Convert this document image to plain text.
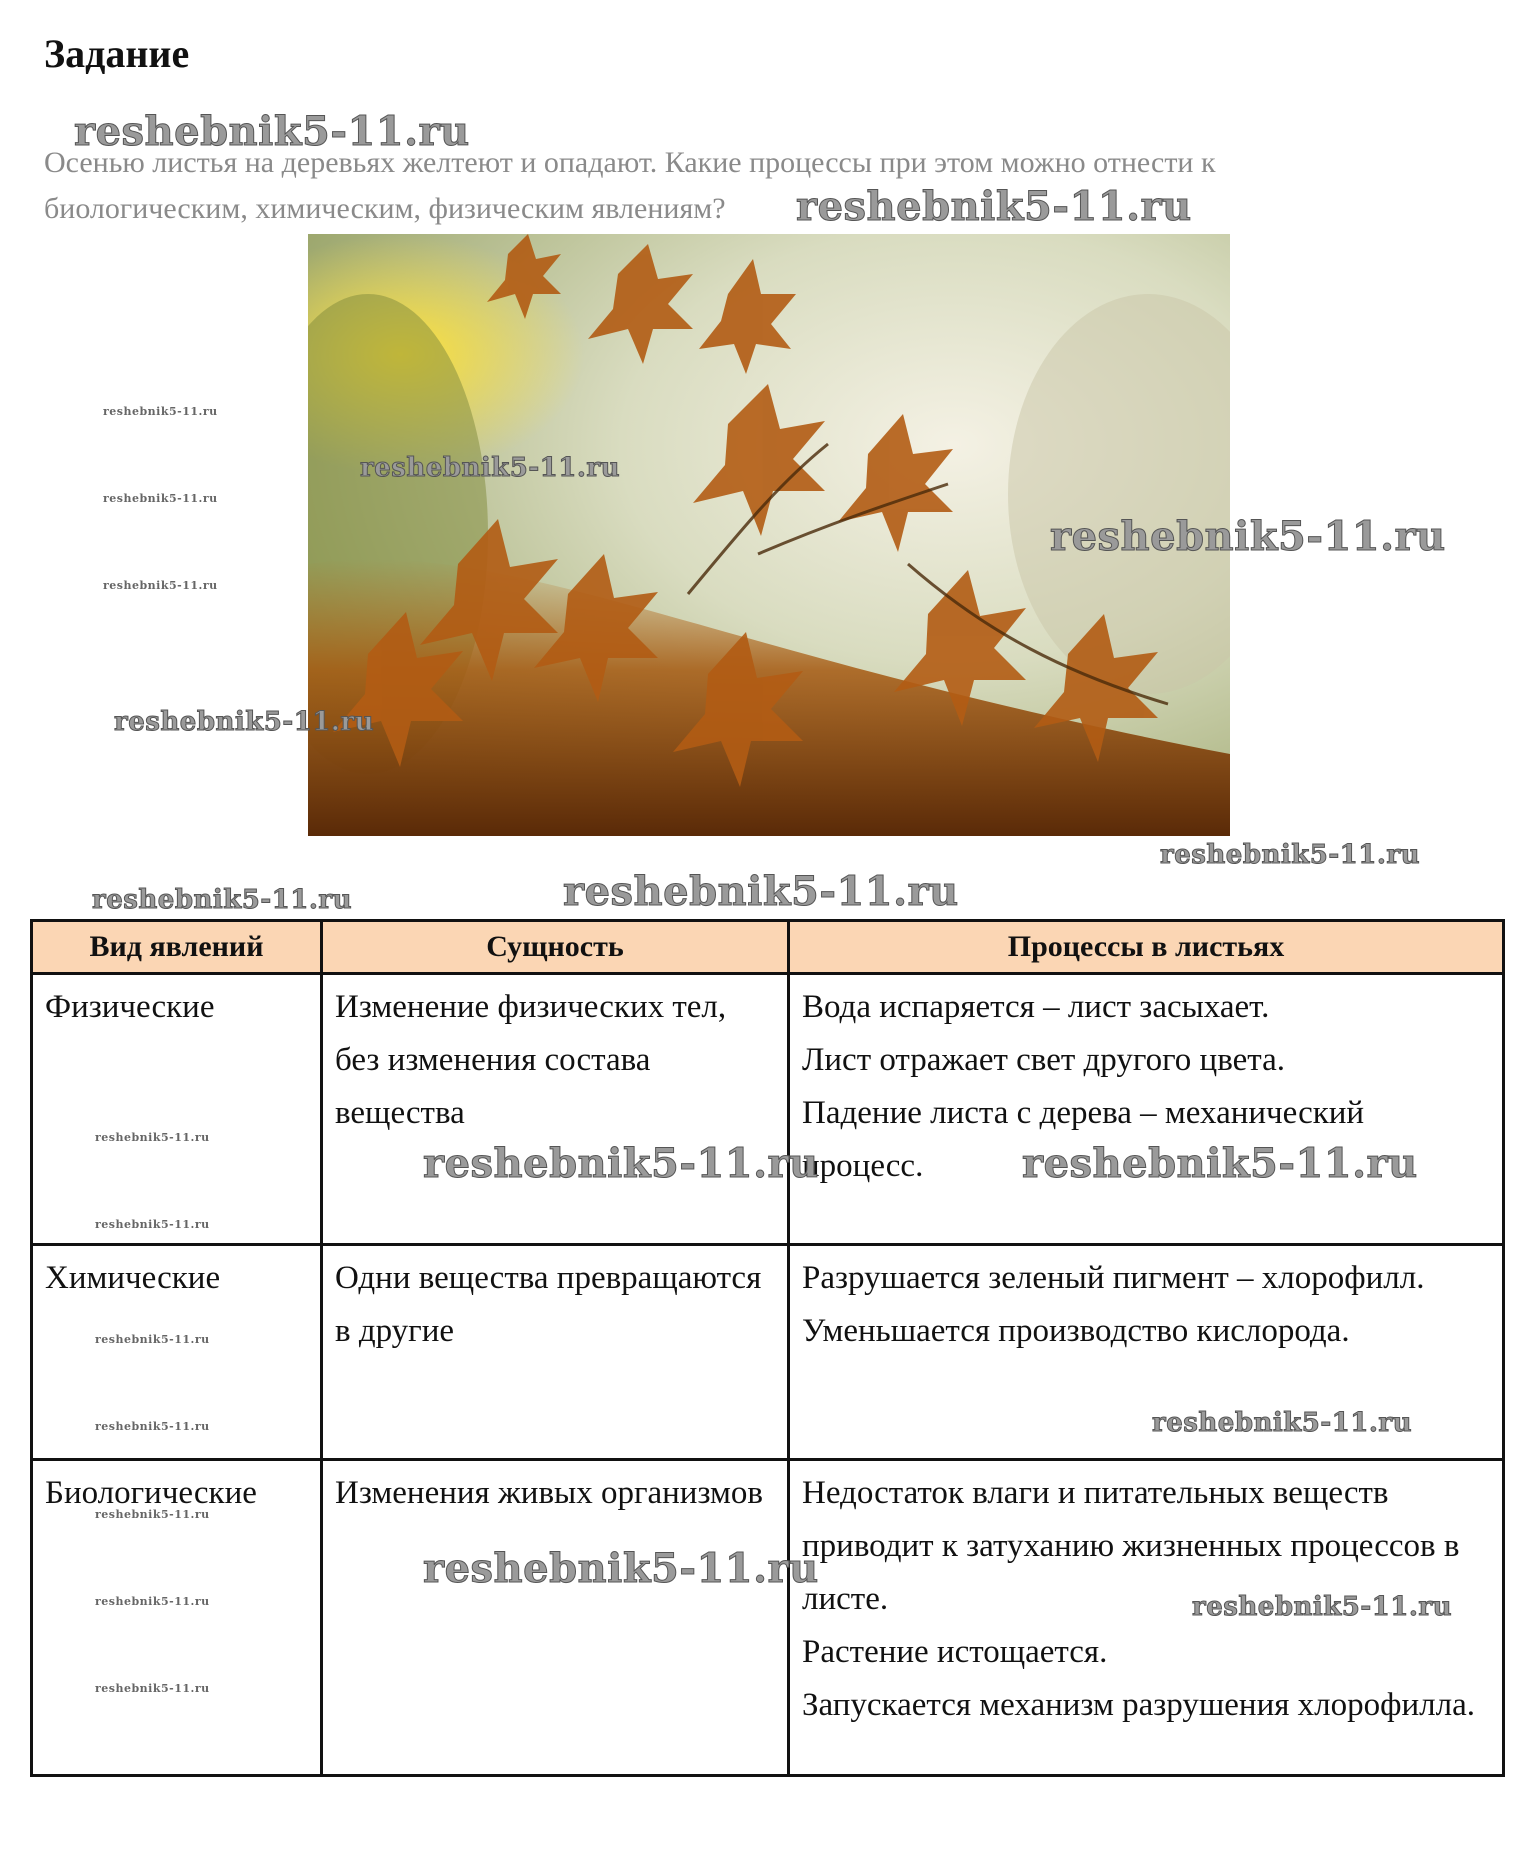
Задание
Осенью листья на деревьях желтеют и опадают. Какие процессы при этом можно отнести к биологическим, химическим, физическим явлениям?
Вид явлений	Сущность	Процессы в листьях
Физические	Изменение физических тел, без изменения состава вещества	Вода испаряется – лист засыхает.
Лист отражает свет другого цвета.
Падение листа с дерева – механический процесс.

Химические	Одни вещества превращаются в другие	Разрушается зеленый пигмент – хлорофилл.
Уменьшается производство кислорода.

Биологические	Изменения живых организмов	Недостаток влаги и питательных веществ приводит к затуханию жизненных процессов в листе.
Растение истощается.
Запускается механизм разрушения хлорофилла.
reshebnik5-11.ru
reshebnik5-11.ru
reshebnik5-11.ru
reshebnik5-11.ru
reshebnik5-11.ru
reshebnik5-11.ru
reshebnik5-11.ru	reshebnik5-11.ru
reshebnik5-11.ru	reshebnik5-11.ru
reshebnik5-11.ru
reshebnik5-11.ru
reshebnik5-11.ru
reshebnik5-11.ru
reshebnik5-11.ru
reshebnik5-11.ru
reshebnik5-11.ru
reshebnik5-11.ru
reshebnik5-11.ru
reshebnik5-11.ru
reshebnik5-11.ru
reshebnik5-11.ru
reshebnik5-11.ru
